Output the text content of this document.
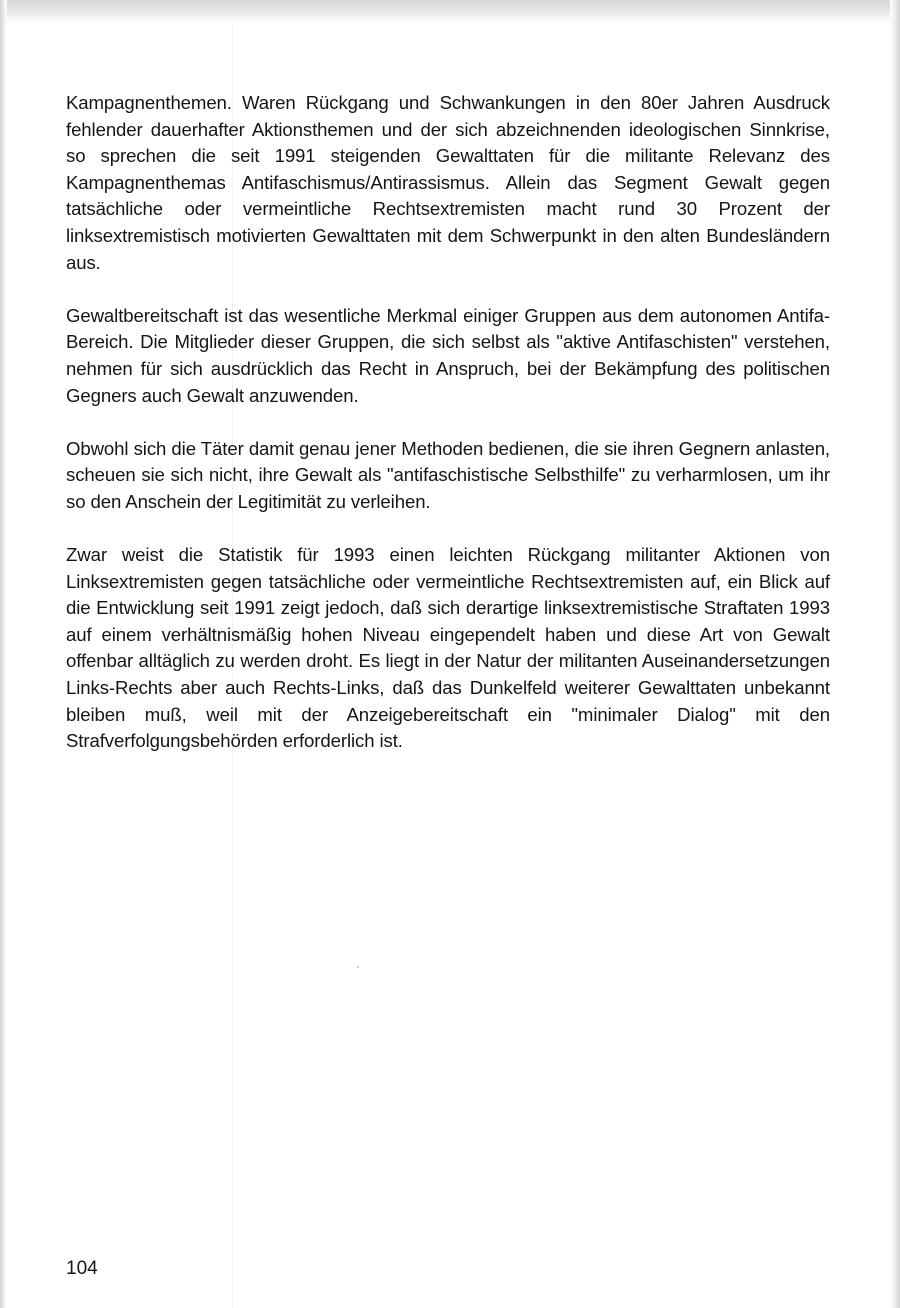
Kampagnenthemen. Waren Rückgang und Schwankungen in den 80er Jahren Ausdruck fehlender dauerhafter Aktionsthemen und der sich abzeichnenden ideologischen Sinnkrise, so sprechen die seit 1991 steigenden Gewalttaten für die militante Relevanz des Kampagnenthemas Antifaschismus/Antirassismus. Allein das Segment Gewalt gegen tatsächliche oder vermeintliche Rechtsextremisten macht rund 30 Prozent der linksextremistisch motivierten Gewalttaten mit dem Schwerpunkt in den alten Bundesländern aus.

Gewaltbereitschaft ist das wesentliche Merkmal einiger Gruppen aus dem autonomen Antifa-Bereich. Die Mitglieder dieser Gruppen, die sich selbst als "aktive Antifaschisten" verstehen, nehmen für sich ausdrücklich das Recht in Anspruch, bei der Bekämpfung des politischen Gegners auch Gewalt anzuwenden.

Obwohl sich die Täter damit genau jener Methoden bedienen, die sie ihren Gegnern anlasten, scheuen sie sich nicht, ihre Gewalt als "antifaschistische Selbsthilfe" zu verharmlosen, um ihr so den Anschein der Legitimität zu verleihen.

Zwar weist die Statistik für 1993 einen leichten Rückgang militanter Aktionen von Linksextremisten gegen tatsächliche oder vermeintliche Rechtsextremisten auf, ein Blick auf die Entwicklung seit 1991 zeigt jedoch, daß sich derartige linksextremistische Straftaten 1993 auf einem verhältnismäßig hohen Niveau eingependelt haben und diese Art von Gewalt offenbar alltäglich zu werden droht. Es liegt in der Natur der militanten Auseinandersetzungen Links-Rechts aber auch Rechts-Links, daß das Dunkelfeld weiterer Gewalttaten unbekannt bleiben muß, weil mit der Anzeigebereitschaft ein "minimaler Dialog" mit den Strafverfolgungsbehörden erforderlich ist.

104
